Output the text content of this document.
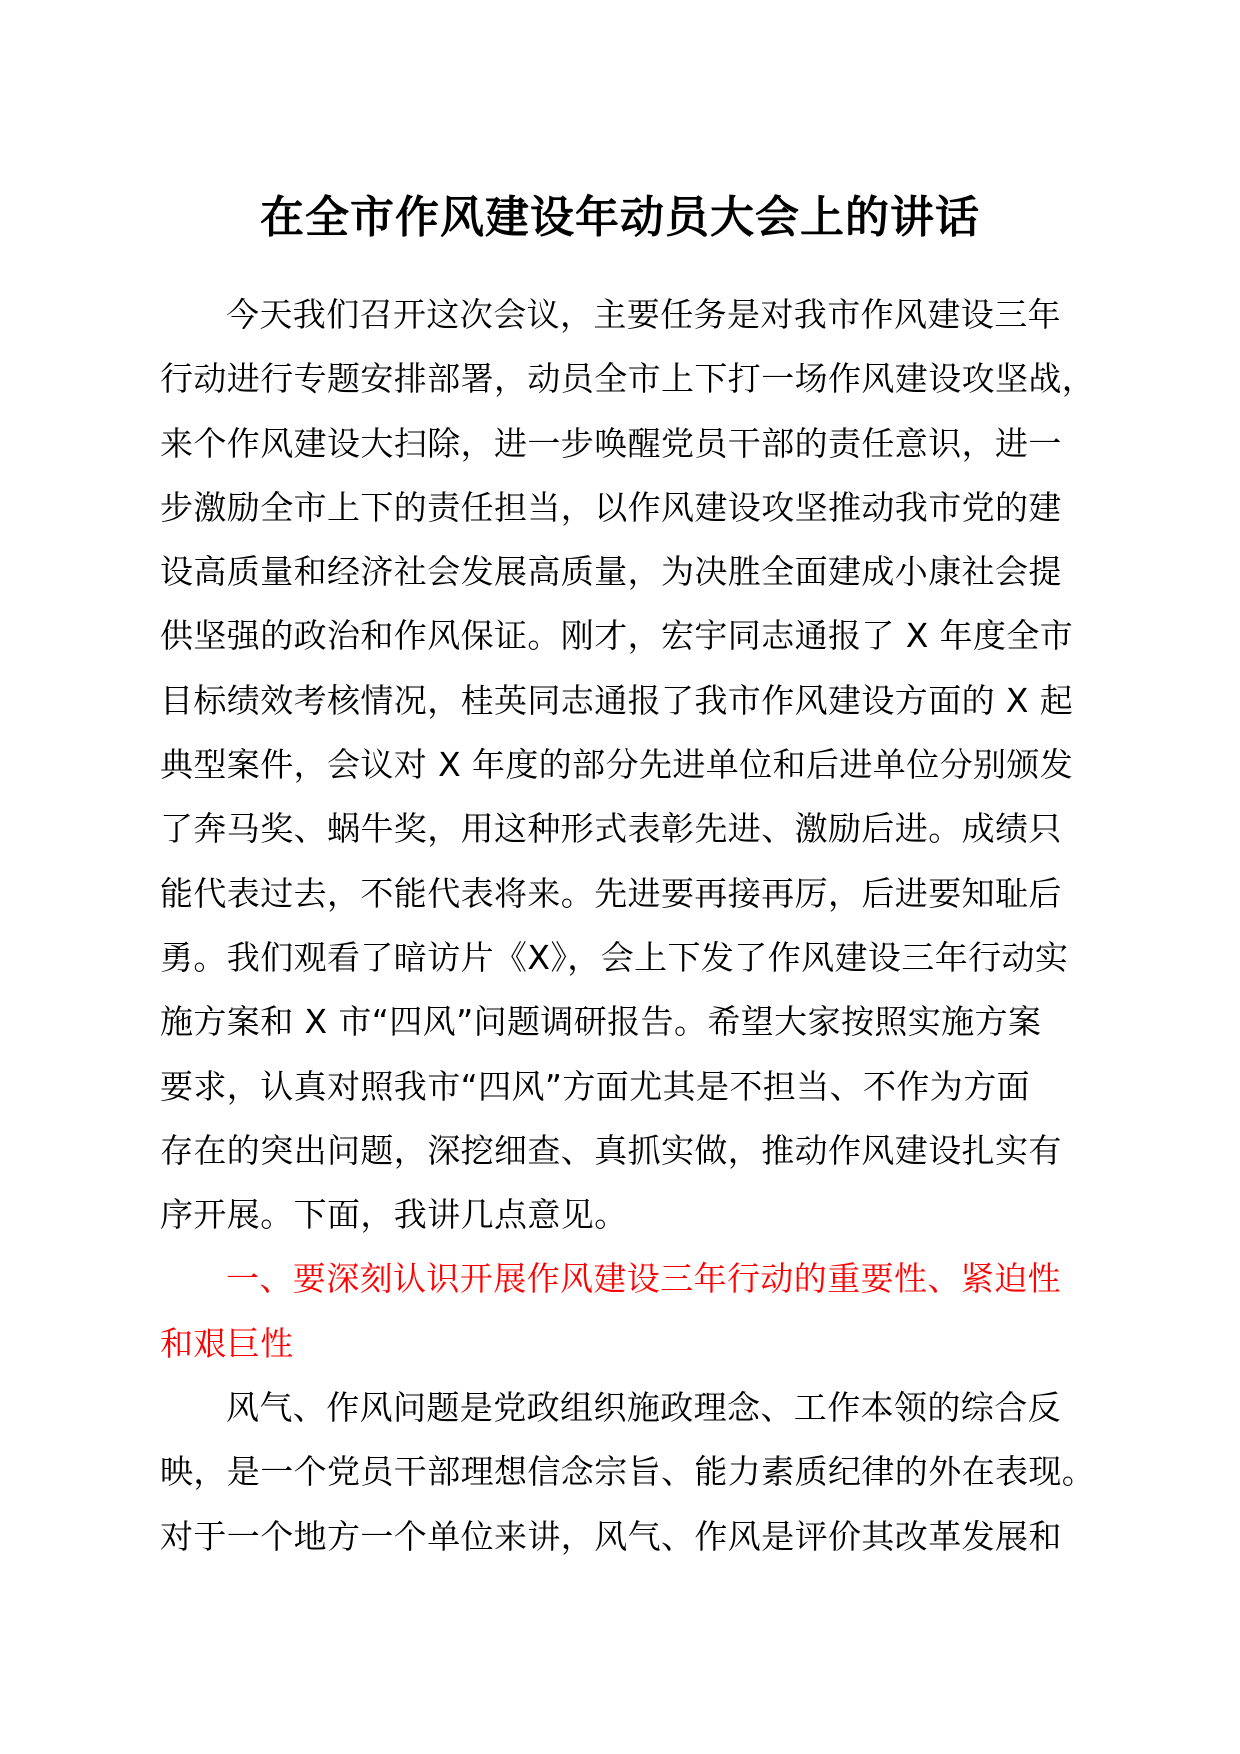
在全市作风建设年动员大会上的讲话
今天我们召开这次会议，主要任务是对我市作风建设三年
行动进行专题安排部署，动员全市上下打一场作风建设攻坚战，
来个作风建设大扫除，进一步唤醒党员干部的责任意识，进一
步激励全市上下的责任担当，以作风建设攻坚推动我市党的建
设高质量和经济社会发展高质量，为决胜全面建成小康社会提
供坚强的政治和作风保证。刚才，宏宇同志通报了 X 年度全市
目标绩效考核情况，桂英同志通报了我市作风建设方面的 X 起
典型案件，会议对 X 年度的部分先进单位和后进单位分别颁发
了奔马奖、蜗牛奖，用这种形式表彰先进、激励后进。成绩只
能代表过去，不能代表将来。先进要再接再厉，后进要知耻后
勇。我们观看了暗访片《X》，会上下发了作风建设三年行动实
施方案和 X 市“四风”问题调研报告。希望大家按照实施方案
要求，认真对照我市“四风”方面尤其是不担当、不作为方面
存在的突出问题，深挖细查、真抓实做，推动作风建设扎实有
序开展。下面，我讲几点意见。
一、要深刻认识开展作风建设三年行动的重要性、紧迫性
和艰巨性
风气、作风问题是党政组织施政理念、工作本领的综合反
映，是一个党员干部理想信念宗旨、能力素质纪律的外在表现。
对于一个地方一个单位来讲，风气、作风是评价其改革发展和
